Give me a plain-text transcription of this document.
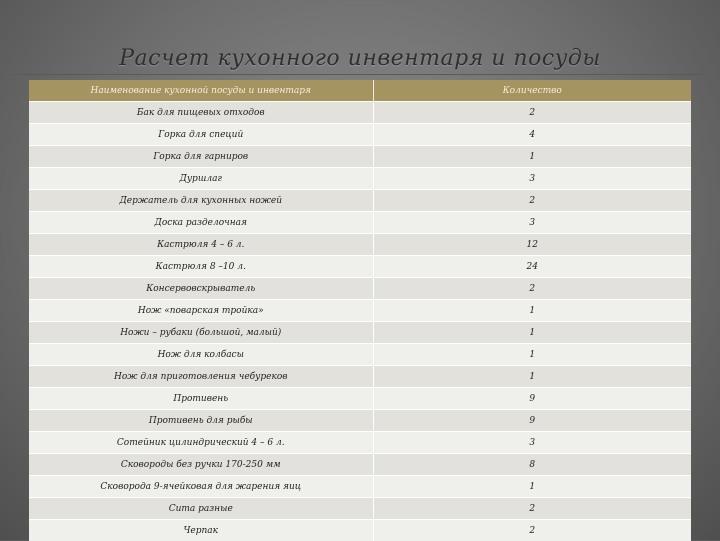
Расчет кухонного инвентаря и посуды
Наименование кухонной посуды и инвентаря	Количество
Бак для пищевых отходов	2
Горка для специй	4
Горка для гарниров	1
Дуршлаг	3
Держатель для кухонных ножей	2
Доска разделочная	3
Кастрюля 4 – 6 л.	12
Кастрюля 8 –10 л.	24
Консервовскрыватель	2
Нож «поварская тройка»	1
Ножи – рубаки (большой, малый)	1
Нож для колбасы	1
Нож для приготовления чебуреков	1
Противень	9
Противень для рыбы	9
Сотейник цилиндрический 4 – 6 л.	3
Сковороды без ручки 170-250 мм	8
Сковорода 9-ячейковая для жарения яиц	1
Сита разные	2
Черпак	2
